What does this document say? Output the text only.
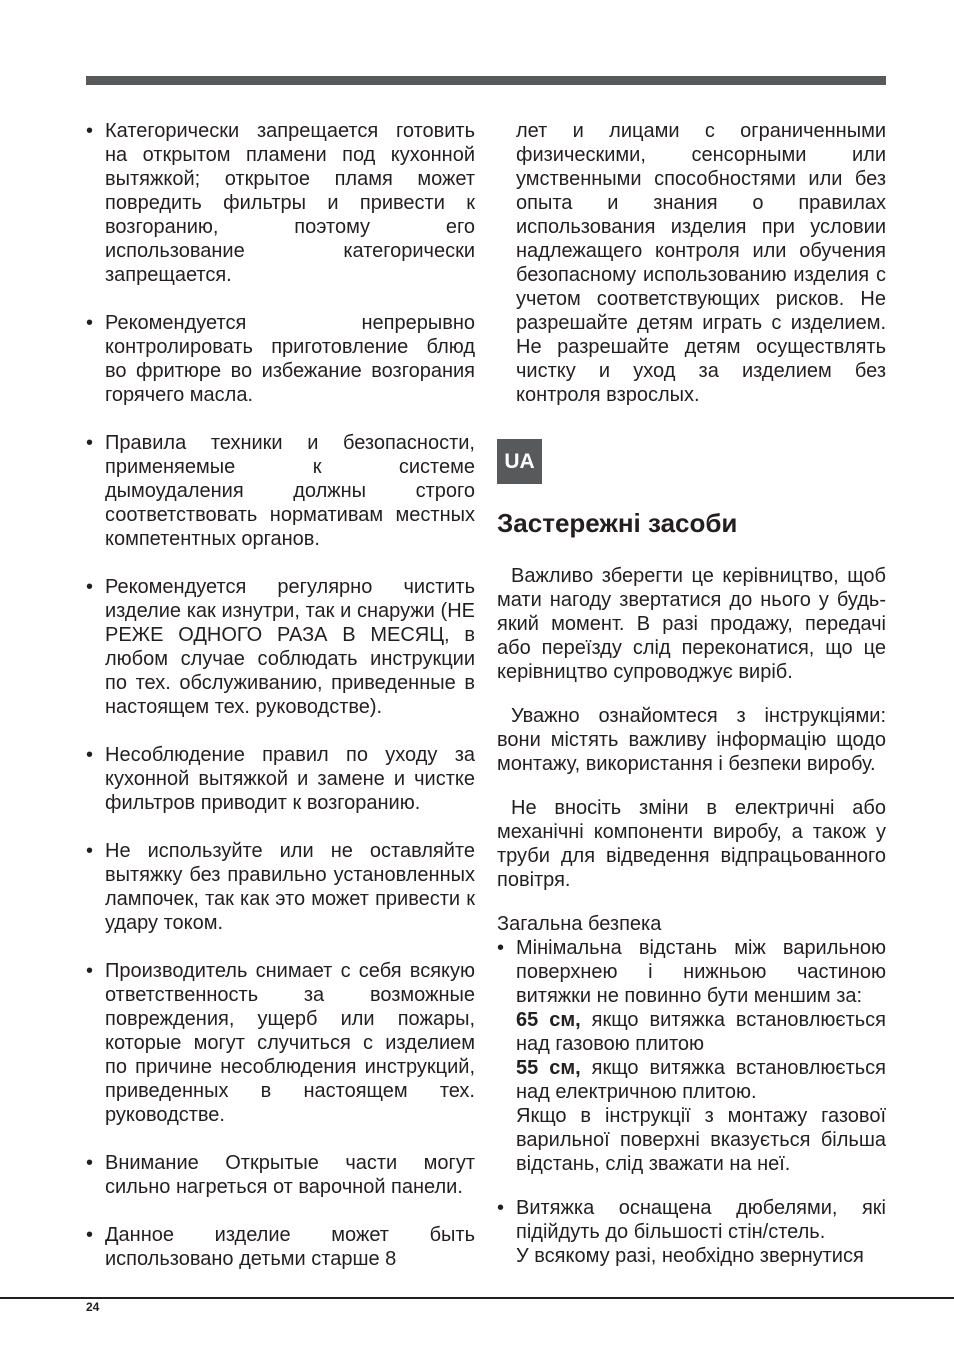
• Категорически запрещается готовить на открытом пламени под кухонной вытяжкой; открытое пламя может повредить фильтры и привести к возгоранию, поэтому его использование категорически запрещается.
• Рекомендуется непрерывно контролировать приготовление блюд во фритюре во избежание возгорания горячего масла.
• Правила техники и безопасности, применяемые к системе дымоудаления должны строго соответствовать нормативам местных компетентных органов.
• Рекомендуется регулярно чистить изделие как изнутри, так и снаружи (НЕ РЕЖЕ ОДНОГО РАЗА В МЕСЯЦ, в любом случае соблюдать инструкции по тех. обслуживанию, приведенные в настоящем тех. руководстве).
• Несоблюдение правил по уходу за кухонной вытяжкой и замене и чистке фильтров приводит к возгоранию.
• Не используйте или не оставляйте вытяжку без правильно установленных лампочек, так как это может привести к удару током.
• Производитель снимает с себя всякую ответственность за возможные повреждения, ущерб или пожары, которые могут случиться с изделием по причине несоблюдения инструкций, приведенных в настоящем тех. руководстве.
• Внимание Открытые части могут сильно нагреться от варочной панели.
• Данное изделие может быть использовано детьми старше 8
лет и лицами с ограниченными физическими, сенсорными или умственными способностями или без опыта и знания о правилах использования изделия при условии надлежащего контроля или обучения безопасному использованию изделия с учетом соответствующих рисков. Не разрешайте детям играть с изделием. Не разрешайте детям осуществлять чистку и уход за изделием без контроля взрослых.
UA
Застережні засоби

Важливо зберегти це керівництво, щоб мати нагоду звертатися до нього у будь-який момент. В разі продажу, передачі або переїзду слід переконатися, що це керівництво супроводжує виріб.

Уважно ознайомтеся з інструкціями: вони містять важливу інформацію щодо монтажу, використання і безпеки виробу.

Не вносіть зміни в електричні або механічні компоненти виробу, а також у труби для відведення відпрацьованного повітря.

Загальна безпека

• Мінімальна відстань між варильною поверхнею і нижньою частиною витяжки не повинно бути меншим за:
65 см, якщо витяжка встановлюється над газовою плитою
55 см, якщо витяжка встановлюється над електричною плитою.
Якщо в інструкції з монтажу газової варильної поверхні вказується більша відстань, слід зважати на неї.
• Витяжка оснащена дюбелями, які підійдуть до більшості стін/стель.
У всякому разі, необхідно звернутися
24
